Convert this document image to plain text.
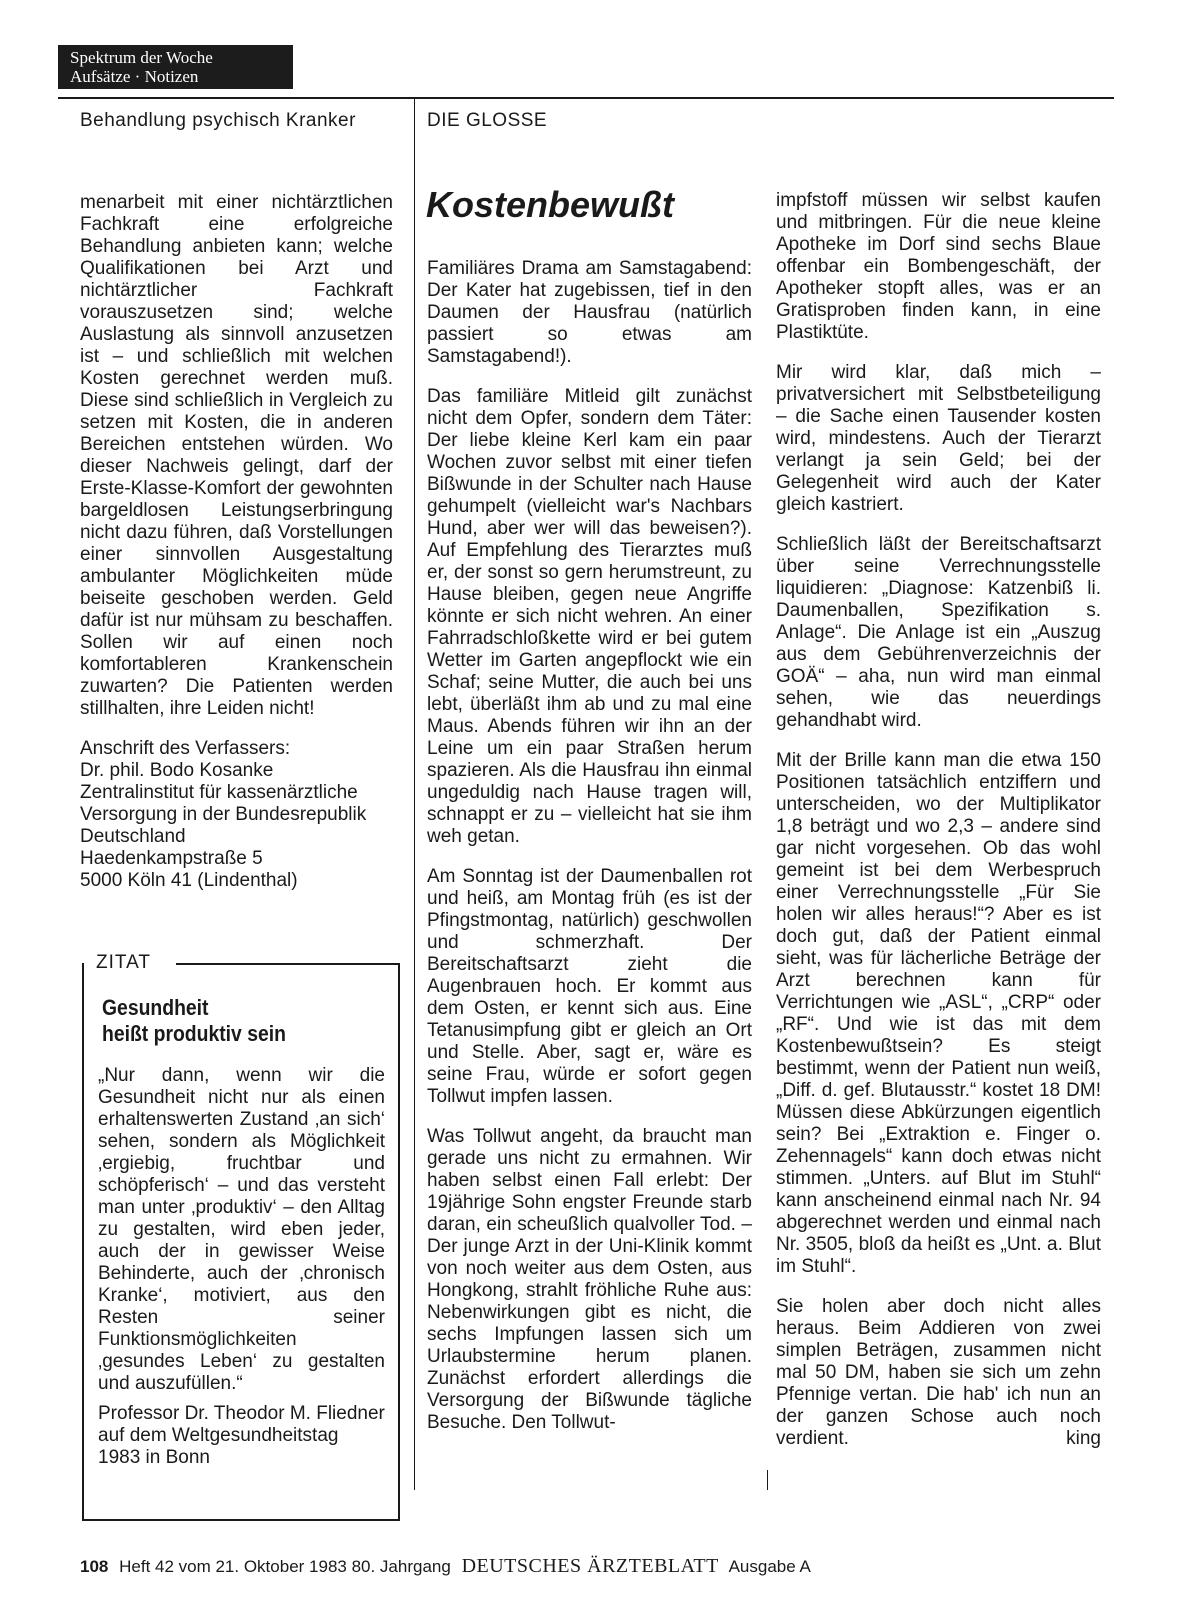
Spektrum der Woche
Aufsätze · Notizen
Behandlung psychisch Kranker	DIE GLOSSE

menarbeit mit einer nichtärztlichen Fachkraft eine erfolgreiche Behandlung anbieten kann; welche Qualifikationen bei Arzt und nichtärztlicher Fachkraft vorauszusetzen sind; welche Auslastung als sinnvoll anzusetzen ist – und schließlich mit welchen Kosten gerechnet werden muß. Diese sind schließlich in Vergleich zu setzen mit Kosten, die in anderen Bereichen entstehen würden. Wo dieser Nachweis gelingt, darf der Erste-Klasse-Komfort der gewohnten bargeldlosen Leistungserbringung nicht dazu führen, daß Vorstellungen einer sinnvollen Ausgestaltung ambulanter Möglichkeiten müde beiseite geschoben werden. Geld dafür ist nur mühsam zu beschaffen. Sollen wir auf einen noch komfortableren Krankenschein zuwarten? Die Patienten werden stillhalten, ihre Leiden nicht!

Anschrift des Verfassers:
Dr. phil. Bodo Kosanke
Zentralinstitut für kassenärztliche
Versorgung in der Bundesrepublik
Deutschland
Haedenkampstraße 5
5000 Köln 41 (Lindenthal)
ZITAT
Gesundheit
heißt produktiv sein

„Nur dann, wenn wir die Gesundheit nicht nur als einen erhaltenswerten Zustand ‚an sich‘ sehen, sondern als Möglichkeit ‚ergiebig, fruchtbar und schöpferisch‘ – und das versteht man unter ‚produktiv‘ – den Alltag zu gestalten, wird eben jeder, auch der in gewisser Weise Behinderte, auch der ‚chronisch Kranke‘, motiviert, aus den Resten seiner Funktionsmöglichkeiten ‚gesundes Leben‘ zu gestalten und auszufüllen.“

Professor Dr. Theodor M. Fliedner auf dem Weltgesundheitstag 1983 in Bonn

Kostenbewußt

Familiäres Drama am Samstagabend: Der Kater hat zugebissen, tief in den Daumen der Hausfrau (natürlich passiert so etwas am Samstagabend!).

Das familiäre Mitleid gilt zunächst nicht dem Opfer, sondern dem Täter: Der liebe kleine Kerl kam ein paar Wochen zuvor selbst mit einer tiefen Bißwunde in der Schulter nach Hause gehumpelt (vielleicht war's Nachbars Hund, aber wer will das beweisen?). Auf Empfehlung des Tierarztes muß er, der sonst so gern herumstreunt, zu Hause bleiben, gegen neue Angriffe könnte er sich nicht wehren. An einer Fahrradschloßkette wird er bei gutem Wetter im Garten angepflockt wie ein Schaf; seine Mutter, die auch bei uns lebt, überläßt ihm ab und zu mal eine Maus. Abends führen wir ihn an der Leine um ein paar Straßen herum spazieren. Als die Hausfrau ihn einmal ungeduldig nach Hause tragen will, schnappt er zu – vielleicht hat sie ihm weh getan.

Am Sonntag ist der Daumenballen rot und heiß, am Montag früh (es ist der Pfingstmontag, natürlich) geschwollen und schmerzhaft. Der Bereitschaftsarzt zieht die Augenbrauen hoch. Er kommt aus dem Osten, er kennt sich aus. Eine Tetanusimpfung gibt er gleich an Ort und Stelle. Aber, sagt er, wäre es seine Frau, würde er sofort gegen Tollwut impfen lassen.

Was Tollwut angeht, da braucht man gerade uns nicht zu ermahnen. Wir haben selbst einen Fall erlebt: Der 19jährige Sohn engster Freunde starb daran, ein scheußlich qualvoller Tod. – Der junge Arzt in der Uni-Klinik kommt von noch weiter aus dem Osten, aus Hongkong, strahlt fröhliche Ruhe aus: Nebenwirkungen gibt es nicht, die sechs Impfungen lassen sich um Urlaubstermine herum planen. Zunächst erfordert allerdings die Versorgung der Bißwunde tägliche Besuche. Den Tollwut-

impfstoff müssen wir selbst kaufen und mitbringen. Für die neue kleine Apotheke im Dorf sind sechs Blaue offenbar ein Bombengeschäft, der Apotheker stopft alles, was er an Gratisproben finden kann, in eine Plastiktüte.

Mir wird klar, daß mich – privatversichert mit Selbstbeteiligung – die Sache einen Tausender kosten wird, mindestens. Auch der Tierarzt verlangt ja sein Geld; bei der Gelegenheit wird auch der Kater gleich kastriert.

Schließlich läßt der Bereitschaftsarzt über seine Verrechnungsstelle liquidieren: „Diagnose: Katzenbiß li. Daumenballen, Spezifikation s. Anlage“. Die Anlage ist ein „Auszug aus dem Gebührenverzeichnis der GOÄ“ – aha, nun wird man einmal sehen, wie das neuerdings gehandhabt wird.

Mit der Brille kann man die etwa 150 Positionen tatsächlich entziffern und unterscheiden, wo der Multiplikator 1,8 beträgt und wo 2,3 – andere sind gar nicht vorgesehen. Ob das wohl gemeint ist bei dem Werbespruch einer Verrechnungsstelle „Für Sie holen wir alles heraus!“? Aber es ist doch gut, daß der Patient einmal sieht, was für lächerliche Beträge der Arzt berechnen kann für Verrichtungen wie „ASL“, „CRP“ oder „RF“. Und wie ist das mit dem Kostenbewußtsein? Es steigt bestimmt, wenn der Patient nun weiß, „Diff. d. gef. Blutausstr.“ kostet 18 DM! Müssen diese Abkürzungen eigentlich sein? Bei „Extraktion e. Finger o. Zehennagels“ kann doch etwas nicht stimmen. „Unters. auf Blut im Stuhl“ kann anscheinend einmal nach Nr. 94 abgerechnet werden und einmal nach Nr. 3505, bloß da heißt es „Unt. a. Blut im Stuhl“.

Sie holen aber doch nicht alles heraus. Beim Addieren von zwei simplen Beträgen, zusammen nicht mal 50 DM, haben sie sich um zehn Pfennige vertan. Die hab' ich nun an der ganzen Schose auch noch verdient.	king

108 Heft 42 vom 21. Oktober 1983 80. Jahrgang DEUTSCHES ÄRZTEBLATT Ausgabe A
